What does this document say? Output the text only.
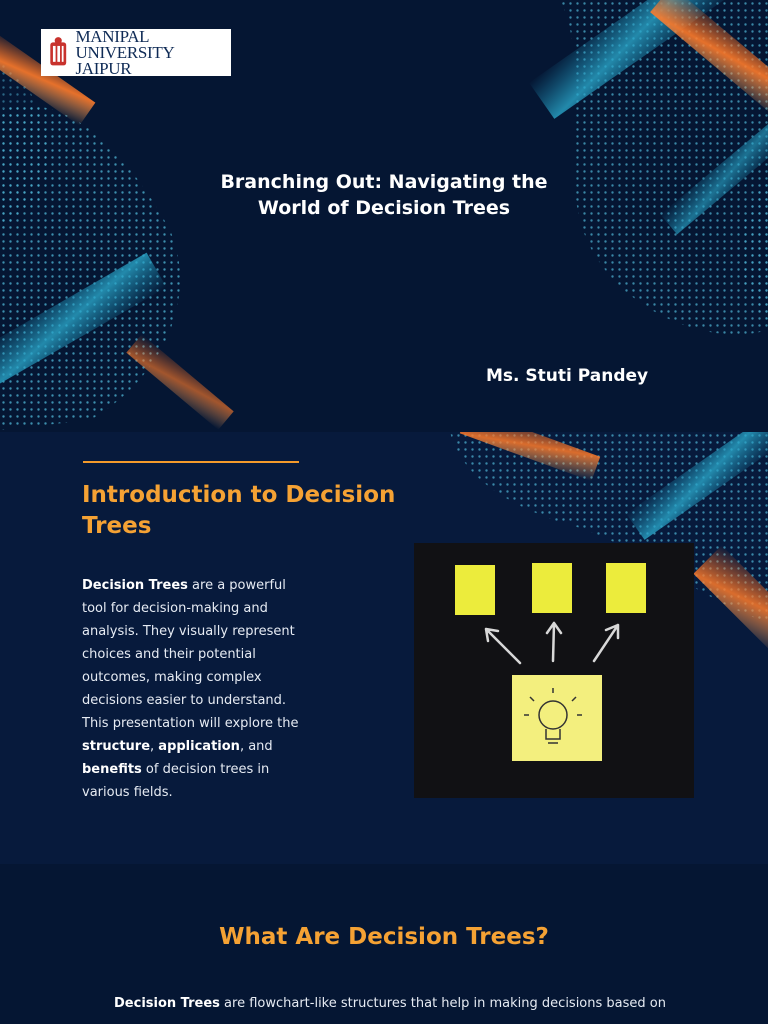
MANIPAL UNIVERSITY
JAIPUR
Branching Out: Navigating the World of Decision Trees
Ms. Stuti Pandey
Introduction to Decision Trees
Decision Trees are a powerful tool for decision-making and analysis. They visually represent choices and their potential outcomes, making complex decisions easier to understand. This presentation will explore the structure, application, and benefits of decision trees in various fields.
What Are Decision Trees?
Decision Trees are flowchart-like structures that help in making decisions based on
